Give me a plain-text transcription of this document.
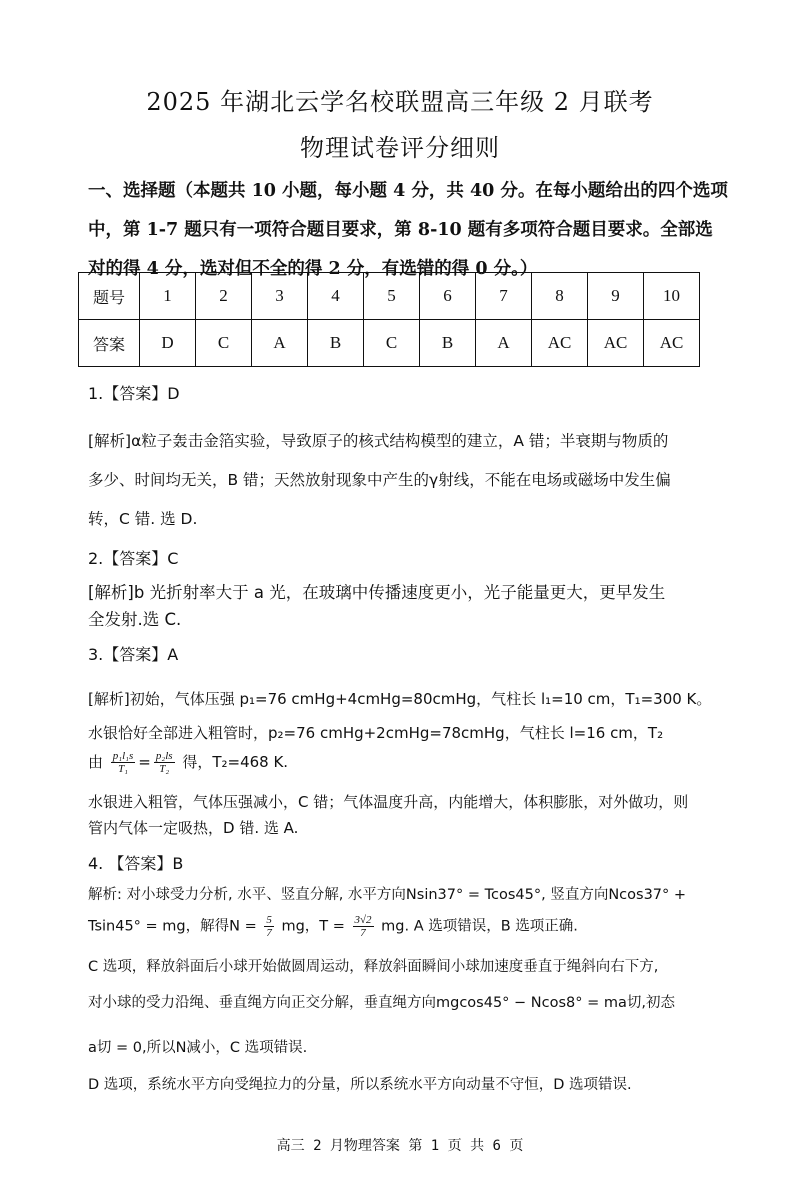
2025 年湖北云学名校联盟高三年级 2 月联考
物理试卷评分细则
一、选择题（本题共 10 小题，每小题 4 分，共 40 分。在每小题给出的四个选项中，第 1-7 题只有一项符合题目要求，第 8-10 题有多项符合题目要求。全部选对的得 4 分，选对但不全的得 2 分，有选错的得 0 分。）
题号	1	2	3	4	5	6	7	8	9	10
答案	D	C	A	B	C	B	A	AC	AC	AC
1.【答案】D
[解析]α粒子轰击金箔实验，导致原子的核式结构模型的建立，A 错；半衰期与物质的
多少、时间均无关，B 错；天然放射现象中产生的γ射线，不能在电场或磁场中发生偏
转，C 错. 选 D.
2.【答案】C
[解析]b 光折射率大于 a 光，在玻璃中传播速度更小，光子能量更大，更早发生
全发射.选 C.
3.【答案】A
[解析]初始，气体压强 p₁=76 cmHg+4cmHg=80cmHg，气柱长 l₁=10 cm，T₁=300 K。
水银恰好全部进入粗管时，p₂=76 cmHg+2cmHg=78cmHg，气柱长 l=16 cm，T₂
由 $\frac{\text{p₁l₁s}}{\text{T₁}} = \frac{\text{p₂ls}}{\text{T₂}}$ 得，T₂=468 K.
水银进入粗管，气体压强减小，C 错；气体温度升高，内能增大，体积膨胀，对外做功，则
管内气体一定吸热，D 错. 选 A.
4. 【答案】B
解析: 对小球受力分析, 水平、竖直分解, 水平方向Nsin37° = Tcos45°, 竖直方向Ncos37° +
Tsin45° = mg，解得$N = \frac{5}{7}$ mg，$T = \frac{3√2}{7}$ mg. A 选项错误，B 选项正确.
C 选项，释放斜面后小球开始做圆周运动，释放斜面瞬间小球加速度垂直于绳斜向右下方,
对小球的受力沿绳、垂直绳方向正交分解，垂直绳方向mgcos45° − Ncos8° = ma切,初态
a切 = 0,所以N减小，C 选项错误.
D 选项，系统水平方向受绳拉力的分量，所以系统水平方向动量不守恒，D 选项错误.
高三 2 月物理答案 第 1 页 共 6 页
